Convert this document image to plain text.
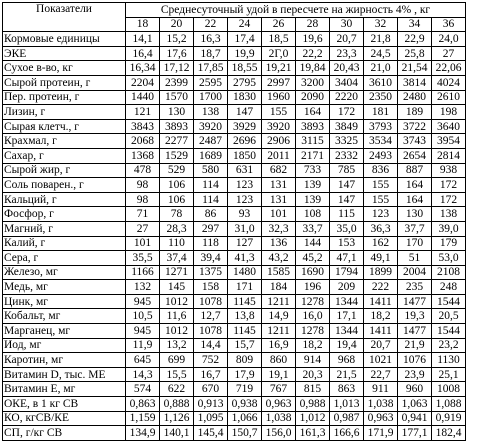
Показатели	Среднесуточный удой в пересчете на жирность 4% , кг									
	18	20	22	24	26	28	30	32	34	36
Кормовые единицы	14,1	15,2	16,3	17,4	18,5	19,6	20,7	21,8	22,9	24,0
ЭКЕ	16,4	17,6	18,7	19,9	2Г,0	22,2	23,3	24,5	25,8	27
Сухое в-во, кг	16,34	17,12	17,85	18,55	19,21	19,84	20,43	21,0	21,54	22,06
Сырой протеин, г	2204	2399	2595	2795	2997	3200	3404	3610	3814	4024
Пер. протеин, г	1440	1570	1700	1830	1960	2090	2220	2350	2480	2610
Лизин, г	121	130	138	147	155	164	172	181	189	198
Сырая клетч., г	3843	3893	3920	3929	3920	3893	3849	3793	3722	3640
Крахмал, г	2068	2277	2487	2696	2906	3115	3325	3534	3743	3954
Сахар, г	1368	1529	1689	1850	2011	2171	2332	2493	2654	2814
Сырой жир, г	478	529	580	631	682	733	785	836	887	938
Соль поварен., г	98	106	114	123	131	139	147	155	164	172
Кальций, г	98	106	114	123	131	139	147	155	164	172
Фосфор, г	71	78	86	93	101	108	115	123	130	138
Магний, г	27	28,3	297	31,0	32,3	33,7	35,0	36,3	37,7	39,0
Калий, г	101	110	118	127	136	144	153	162	170	179
Сера, г	35,5	37,4	39,4	41,3	43,2	45,2	47,1	49,1	51	53,0
Железо, мг	1166	1271	1375	1480	1585	1690	1794	1899	2004	2108
Медь, мг	132	145	158	171	184	196	209	222	235	248
Цинк, мг	945	1012	1078	1145	1211	1278	1344	1411	1477	1544
Кобальт, мг	10,5	11,6	12,7	13,8	14,9	16,0	17,1	18,2	19,3	20,5
Марганец, мг	945	1012	1078	1145	1211	1278	1344	1411	1477	1544
Иод, мг	11,9	13,2	14,4	15,7	16,9	18,2	19,4	20,7	21,9	23,2
Каротин, мг	645	699	752	809	860	914	968	1021	1076	1130
Витамин D, тыс. МЕ	14,3	15,5	16,7	17,9	19,1	20,3	21,5	22,7	23,9	25,1
Витамин Е, мг	574	622	670	719	767	815	863	911	960	1008
ОКЕ, в 1 кг СВ	0,863	0,888	0,913	0,938	0,963	0,988	1,013	1,038	1,063	1,088
КО, кгСВ/КЕ	1,159	1,126	1,095	1,066	1,038	1,012	0,987	0,963	0,941	0,919
СП, г/кг СВ	134,9	140,1	145,4	150,7	156,0	161,3	166,6	171,9	177,1	182,4
